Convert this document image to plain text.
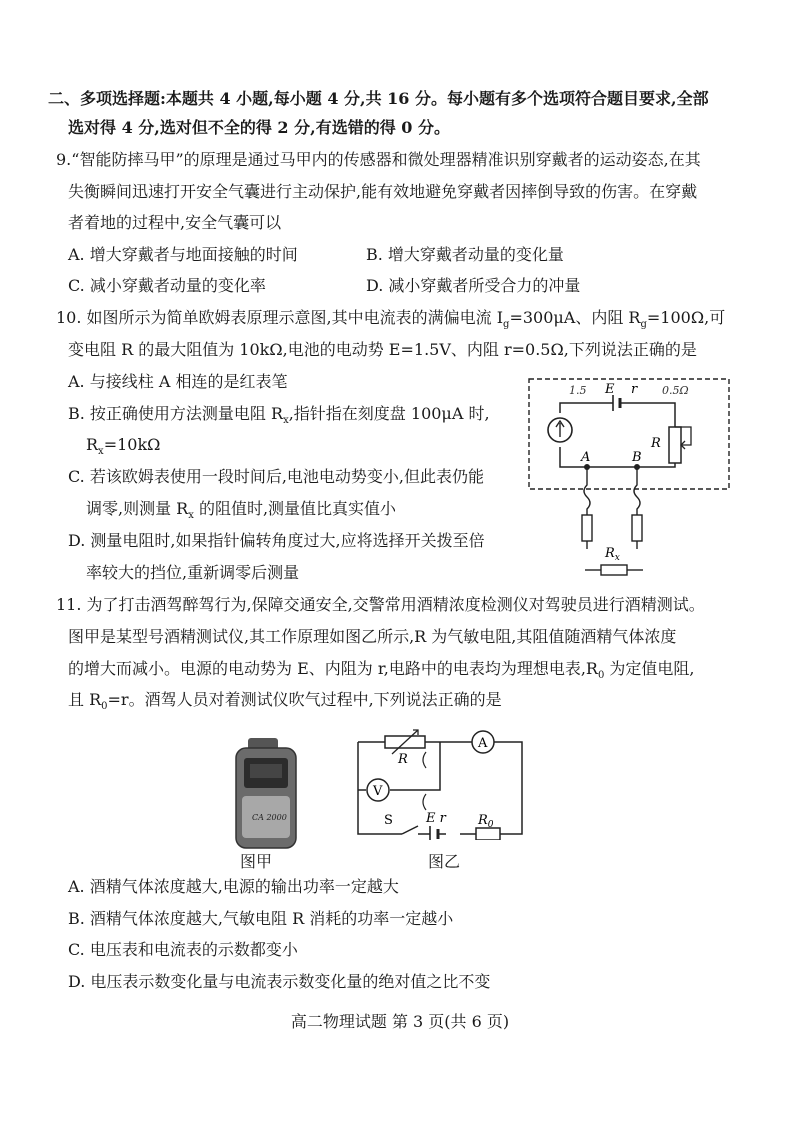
二、多项选择题:本题共 4 小题,每小题 4 分,共 16 分。每小题有多个选项符合题目要求,全部
选对得 4 分,选对但不全的得 2 分,有选错的得 0 分。
9.“智能防摔马甲”的原理是通过马甲内的传感器和微处理器精准识别穿戴者的运动姿态,在其
失衡瞬间迅速打开安全气囊进行主动保护,能有效地避免穿戴者因摔倒导致的伤害。在穿戴
者着地的过程中,安全气囊可以
A. 增大穿戴者与地面接触的时间	B. 增大穿戴者动量的变化量
C. 减小穿戴者动量的变化率	D. 减小穿戴者所受合力的冲量
10. 如图所示为简单欧姆表原理示意图,其中电流表的满偏电流 $I_g=300\mu A$、内阻 $R_g=100\Omega$,可
变电阻 R 的最大阻值为 10kΩ,电池的电动势 E=1.5V、内阻 r=0.5Ω,下列说法正确的是
A. 与接线柱 A 相连的是红表笔
B. 按正确使用方法测量电阻 $R_x$,指针指在刻度盘 100μA 时,
$R_x=10k\Omega$
C. 若该欧姆表使用一段时间后,电池电动势变小,但此表仍能
调零,则测量 $R_x$ 的阻值时,测量值比真实值小
D. 测量电阻时,如果指针偏转角度过大,应将选择开关拨至倍
率较大的挡位,重新调零后测量
E r
1.5	0.5Ω
R
A	B
$R_x$
11. 为了打击酒驾醉驾行为,保障交通安全,交警常用酒精浓度检测仪对驾驶员进行酒精测试。
图甲是某型号酒精测试仪,其工作原理如图乙所示,R 为气敏电阻,其阻值随酒精气体浓度
的增大而减小。电源的电动势为 E、内阻为 r,电路中的电表均为理想电表$,R_0$ 为定值电阻,
且 $R_0=r$。酒驾人员对着测试仪吹气过程中,下列说法正确的是
CA 2000
图甲
R
A
V
S	E r $R_0$
图乙
A. 酒精气体浓度越大,电源的输出功率一定越大
B. 酒精气体浓度越大,气敏电阻 R 消耗的功率一定越小
C. 电压表和电流表的示数都变小
D. 电压表示数变化量与电流表示数变化量的绝对值之比不变
高二物理试题 第 3 页(共 6 页)
